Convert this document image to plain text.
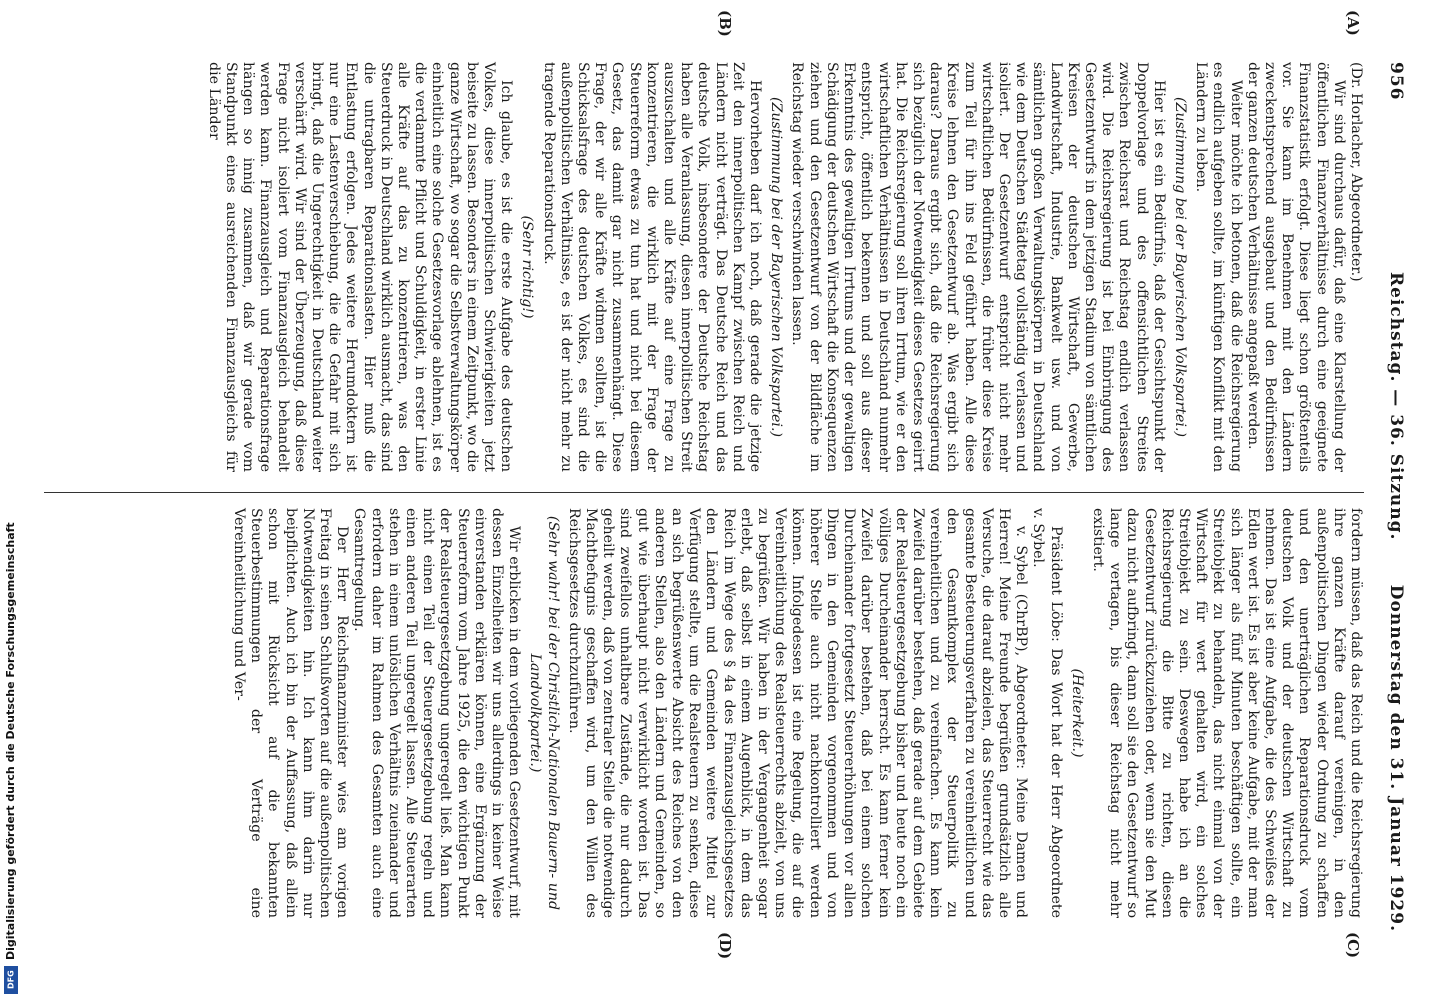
Digitalisierung gefördert durch die Deutsche Forschungsgemeinschaft
DFG
956
Reichstag. — 36. Sitzung.
Donnerstag den 31. Januar 1929.
(A)
(B)
(C)
(D)

(Dr. Horlacher, Abgeordneter.)

Wir sind durchaus dafür, daß eine Klarstellung der öffentlichen Finanzverhältnisse durch eine geeignete Finanzstatistik erfolgt. Diese liegt schon größtenteils vor. Sie kann im Benehmen mit den Ländern zweckentsprechend ausgebaut und den Bedürfnissen der ganzen deutschen Verhältnisse angepaßt werden.

Weiter möchte ich betonen, daß die Reichsregierung es endlich aufgeben sollte, im künftigen Konflikt mit den Ländern zu leben.

(Zustimmung bei der Bayerischen Volkspartei.)

Hier ist es ein Bedürfnis, daß der Gesichtspunkt der Doppelvorlage und des offensichtlichen Streites zwischen Reichsrat und Reichstag endlich verlassen wird. Die Reichsregierung ist bei Einbringung des Gesetzentwurfs in dem jetzigen Stadium von sämtlichen Kreisen der deutschen Wirtschaft, Gewerbe, Landwirtschaft, Industrie, Bankwelt usw. und von sämtlichen großen Verwaltungskörpern in Deutschland wie dem Deutschen Städtetag vollständig verlassen und isoliert. Der Gesetzentwurf entspricht nicht mehr wirtschaftlichen Bedürfnissen, die früher diese Kreise zum Teil für ihn ins Feld geführt haben. Alle diese Kreise lehnen den Gesetzentwurf ab. Was ergibt sich daraus? Daraus ergibt sich, daß die Reichsregierung sich bezüglich der Notwendigkeit dieses Gesetzes geirrt hat. Die Reichsregierung soll ihren Irrtum, wie er den wirtschaftlichen Verhältnissen in Deutschland nunmehr entspricht, öffentlich bekennen und soll aus dieser Erkenntnis des gewaltigen Irrtums und der gewaltigen Schädigung der deutschen Wirtschaft die Konsequenzen ziehen und den Gesetzentwurf von der Bildfläche im Reichstag wieder verschwinden lassen.

(Zustimmung bei der Bayerischen Volkspartei.)

Hervorheben darf ich noch, daß gerade die jetzige Zeit den innerpolitischen Kampf zwischen Reich und Ländern nicht verträgt. Das Deutsche Reich und das deutsche Volk, insbesondere der Deutsche Reichstag haben alle Veranlassung, diesen innerpolitischen Streit auszuschalten und alle Kräfte auf eine Frage zu konzentrieren, die wirklich mit der Frage der Steuerreform etwas zu tun hat und nicht bei diesem Gesetz, das damit gar nicht zusammenhängt. Diese Frage, der wir alle Kräfte widmen sollten, ist die Schicksalsfrage des deutschen Volkes, es sind die außenpolitischen Verhältnisse, es ist der nicht mehr zu tragende Reparationsdruck.

(Sehr richtig!)

Ich glaube, es ist die erste Aufgabe des deutschen Volkes, diese innerpolitischen Schwierigkeiten jetzt beiseite zu lassen. Besonders in einem Zeitpunkt, wo die ganze Wirtschaft, wo sogar die Selbstverwaltungskörper einheitlich eine solche Gesetzesvorlage ablehnen, ist es die verdammte Pflicht und Schuldigkeit, in erster Linie alle Kräfte auf das zu konzentrieren, was den Steuerdruck in Deutschland wirklich ausmacht, das sind die untragbaren Reparationslasten. Hier muß die Entlastung erfolgen. Jedes weitere Herumdoktern ist nur eine Lastenverschiebung, die die Gefahr mit sich bringt, daß die Ungerechtigkeit in Deutschland weiter verschärft wird. Wir sind der Überzeugung, daß diese Frage nicht isoliert vom Finanzausgleich behandelt werden kann. Finanzausgleich und Reparationsfrage hängen so innig zusammen, daß wir gerade vom Standpunkt eines ausreichenden Finanzausgleichs für die Länder

fordern müssen, daß das Reich und die Reichsregierung ihre ganzen Kräfte darauf vereinigen, in den außenpolitischen Dingen wieder Ordnung zu schaffen und den unerträglichen Reparationsdruck vom deutschen Volk und der deutschen Wirtschaft zu nehmen. Das ist eine Aufgabe, die des Schweißes der Edlen wert ist. Es ist aber keine Aufgabe, mit der man sich länger als fünf Minuten beschäftigen sollte, ein Streitobjekt zu behandeln, das nicht einmal von der Wirtschaft für wert gehalten wird, ein solches Streitobjekt zu sein. Deswegen habe ich an die Reichsregierung die Bitte zu richten, diesen Gesetzentwurf zurückzuziehen oder, wenn sie den Mut dazu nicht aufbringt, dann soll sie den Gesetzentwurf so lange vertagen, bis dieser Reichstag nicht mehr existiert.

(Heiterkeit.)

Präsident Löbe: Das Wort hat der Herr Abgeordnete v. Sybel.

v. Sybel (ChrBP), Abgeordneter: Meine Damen und Herren! Meine Freunde begrüßen grundsätzlich alle Versuche, die darauf abzielen, das Steuerrecht wie das gesamte Besteuerungsverfahren zu vereinheitlichen und den Gesamtkomplex der Steuerpolitik zu vereinheitlichen und zu vereinfachen. Es kann kein Zweifel darüber bestehen, daß gerade auf dem Gebiete der Realsteuergesetzgebung bisher und heute noch ein völliges Durcheinander herrscht. Es kann ferner kein Zweifel darüber bestehen, daß bei einem solchen Durcheinander fortgesetzt Steuererhöhungen vor allen Dingen in den Gemeinden vorgenommen und von höherer Stelle auch nicht nachkontrolliert werden können. Infolgedessen ist eine Regelung, die auf die Vereinheitlichung des Realsteuerrechts abzielt, von uns zu begrüßen. Wir haben in der Vergangenheit sogar erlebt, daß selbst in einem Augenblick, in dem das Reich im Wege des § 4a des Finanzausgleichsgesetzes den Ländern und Gemeinden weitere Mittel zur Verfügung stellte, um die Realsteuern zu senken, diese an sich begrüßenswerte Absicht des Reiches von den anderen Stellen, also den Ländern und Gemeinden, so gut wie überhaupt nicht verwirklicht worden ist. Das sind zweifellos unhaltbare Zustände, die nur dadurch geheilt werden, daß von zentraler Stelle die notwendige Machtbefugnis geschaffen wird, um den Willen des Reichsgesetzes durchzuführen.

(Sehr wahr! bei der Christlich-Nationalen Bauern- und Landvolkpartei.)

Wir erblicken in dem vorliegenden Gesetzentwurf, mit dessen Einzelheiten wir uns allerdings in keiner Weise einverstanden erklären können, eine Ergänzung der Steuerreform vom Jahre 1925, die den wichtigen Punkt der Realsteuergesetzgebung ungeregelt ließ. Man kann nicht einen Teil der Steuergesetzgebung regeln und einen anderen Teil ungeregelt lassen. Alle Steuerarten stehen in einem unlöslichen Verhältnis zueinander und erfordern daher im Rahmen des Gesamten auch eine Gesamtregelung.

Der Herr Reichsfinanzminister wies am vorigen Freitag in seinen Schlußworten auf die außenpolitischen Notwendigkeiten hin. Ich kann ihm darin nur beipflichten. Auch ich bin der Auffassung, daß allein schon mit Rücksicht auf die bekannten Steuerbestimmungen der Verträge eine Vereinheitlichung und Ver-
